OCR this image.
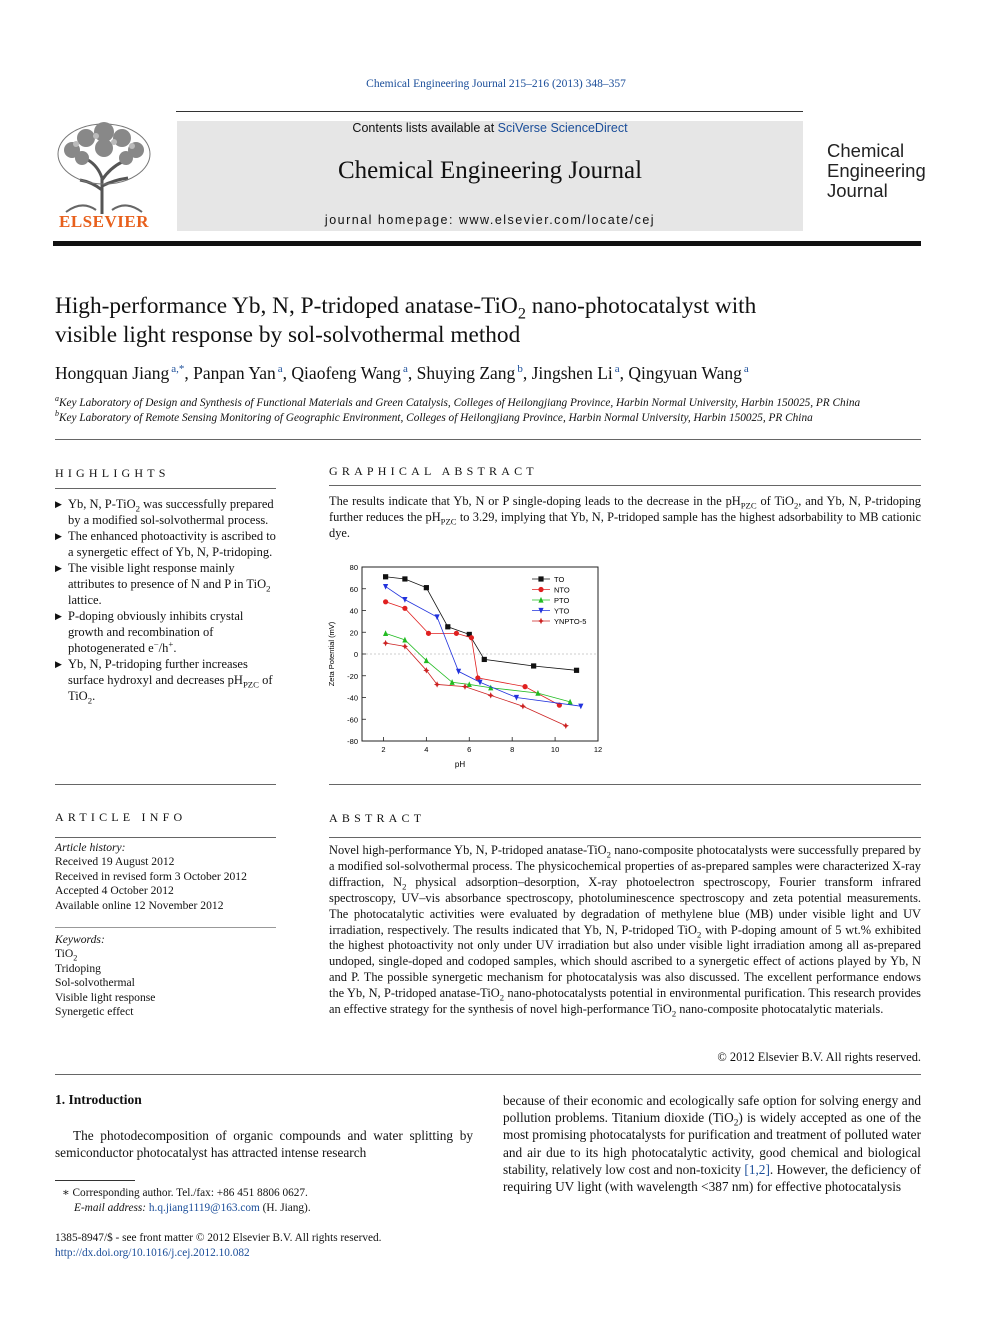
Chemical Engineering Journal 215–216 (2013) 348–357
ELSEVIER
Contents lists available at SciVerse ScienceDirect
Chemical Engineering Journal
journal homepage: www.elsevier.com/locate/cej
Chemical
Engineering
Journal
High-performance Yb, N, P-tridoped anatase-TiO$_2$ nano-photocatalyst with
visible light response by sol-solvothermal method
Hongquan Jiang $^{a,*}$, Panpan Yan $^a$, Qiaofeng Wang $^a$, Shuying Zang $^b$, Jingshen Li $^a$, Qingyuan Wang $^a$
$^a$Key Laboratory of Design and Synthesis of Functional Materials and Green Catalysis, Colleges of Heilongjiang Province, Harbin Normal University, Harbin 150025, PR China
$^b$Key Laboratory of Remote Sensing Monitoring of Geographic Environment, Colleges of Heilongjiang Province, Harbin Normal University, Harbin 150025, PR China
HIGHLIGHTS
▶ Yb, N, P-TiO$_2$ was successfully prepared by a modified sol-solvothermal process.
▶ The enhanced photoactivity is ascribed to a synergetic effect of Yb, N, P-tridoping.
▶ The visible light response mainly attributes to presence of N and P in TiO$_2$ lattice.
▶ P-doping obviously inhibits crystal growth and recombination of photogenerated e−/h+.
▶ Yb, N, P-tridoping further increases surface hydroxyl and decreases $pH_{PZC}$ of TiO$_2$.
GRAPHICAL ABSTRACT
The results indicate that Yb, N or P single-doping leads to the decrease in the $pH_{PZC}$ of TiO$_2$, and Yb, N, P-tridoping further reduces the $pH_{PZC}$ to 3.29, implying that Yb, N, P-tridoped sample has the highest adsorbability to MB cationic dye.
-80
-60
-40
-20
0
20
40
60
80
2	4	6	8	10	12
pH
Zeta Potential (mV)
TO
NTO
PTO
YTO
YNPTO-5
ARTICLE INFO
Article history:
Received 19 August 2012
Received in revised form 3 October 2012
Accepted 4 October 2012
Available online 12 November 2012
Keywords:
TiO$_2$
Tridoping
Sol-solvothermal
Visible light response
Synergetic effect
ABSTRACT
Novel high-performance Yb, N, P-tridoped anatase-TiO$_2$ nano-composite photocatalysts were successfully prepared by a modified sol-solvothermal process. The physicochemical properties of as-prepared samples were characterized X-ray diffraction, $N_2$ physical adsorption–desorption, X-ray photoelectron spectroscopy, Fourier transform infrared spectroscopy, UV–vis absorbance spectroscopy, photoluminescence spectroscopy and zeta potential measurements. The photocatalytic activities were evaluated by degradation of methylene blue (MB) under visible light and UV irradiation, respectively. The results indicated that Yb, N, P-tridoped TiO$_2$ with P-doping amount of 5 wt.% exhibited the highest photoactivity not only under UV irradiation but also under visible light irradiation among all as-prepared undoped, single-doped and codoped samples, which should ascribed to a synergetic effect of actions played by Yb, N and P. The possible synergetic mechanism for photocatalysis was also discussed. The excellent performance endows the Yb, N, P-tridoped anatase-TiO$_2$ nano-photocatalysts potential in environmental purification. This research provides an effective strategy for the synthesis of novel high-performance TiO$_2$ nano-composite photocatalytic materials.
© 2012 Elsevier B.V. All rights reserved.
1. Introduction
The photodecomposition of organic compounds and water splitting by semiconductor photocatalyst has attracted intense research
because of their economic and ecologically safe option for solving energy and pollution problems. Titanium dioxide (TiO$_2$) is widely accepted as one of the most promising photocatalysts for purification and treatment of polluted water and air due to its high photocatalytic activity, good chemical and biological stability, relatively low cost and non-toxicity [1,2]. However, the deficiency of requiring UV light (with wavelength <387 nm) for effective photocatalysis
∗ Corresponding author. Tel./fax: +86 451 8806 0627.
E-mail address: h.q.jiang1119@163.com (H. Jiang).
1385-8947/$ - see front matter © 2012 Elsevier B.V. All rights reserved.
http://dx.doi.org/10.1016/j.cej.2012.10.082
